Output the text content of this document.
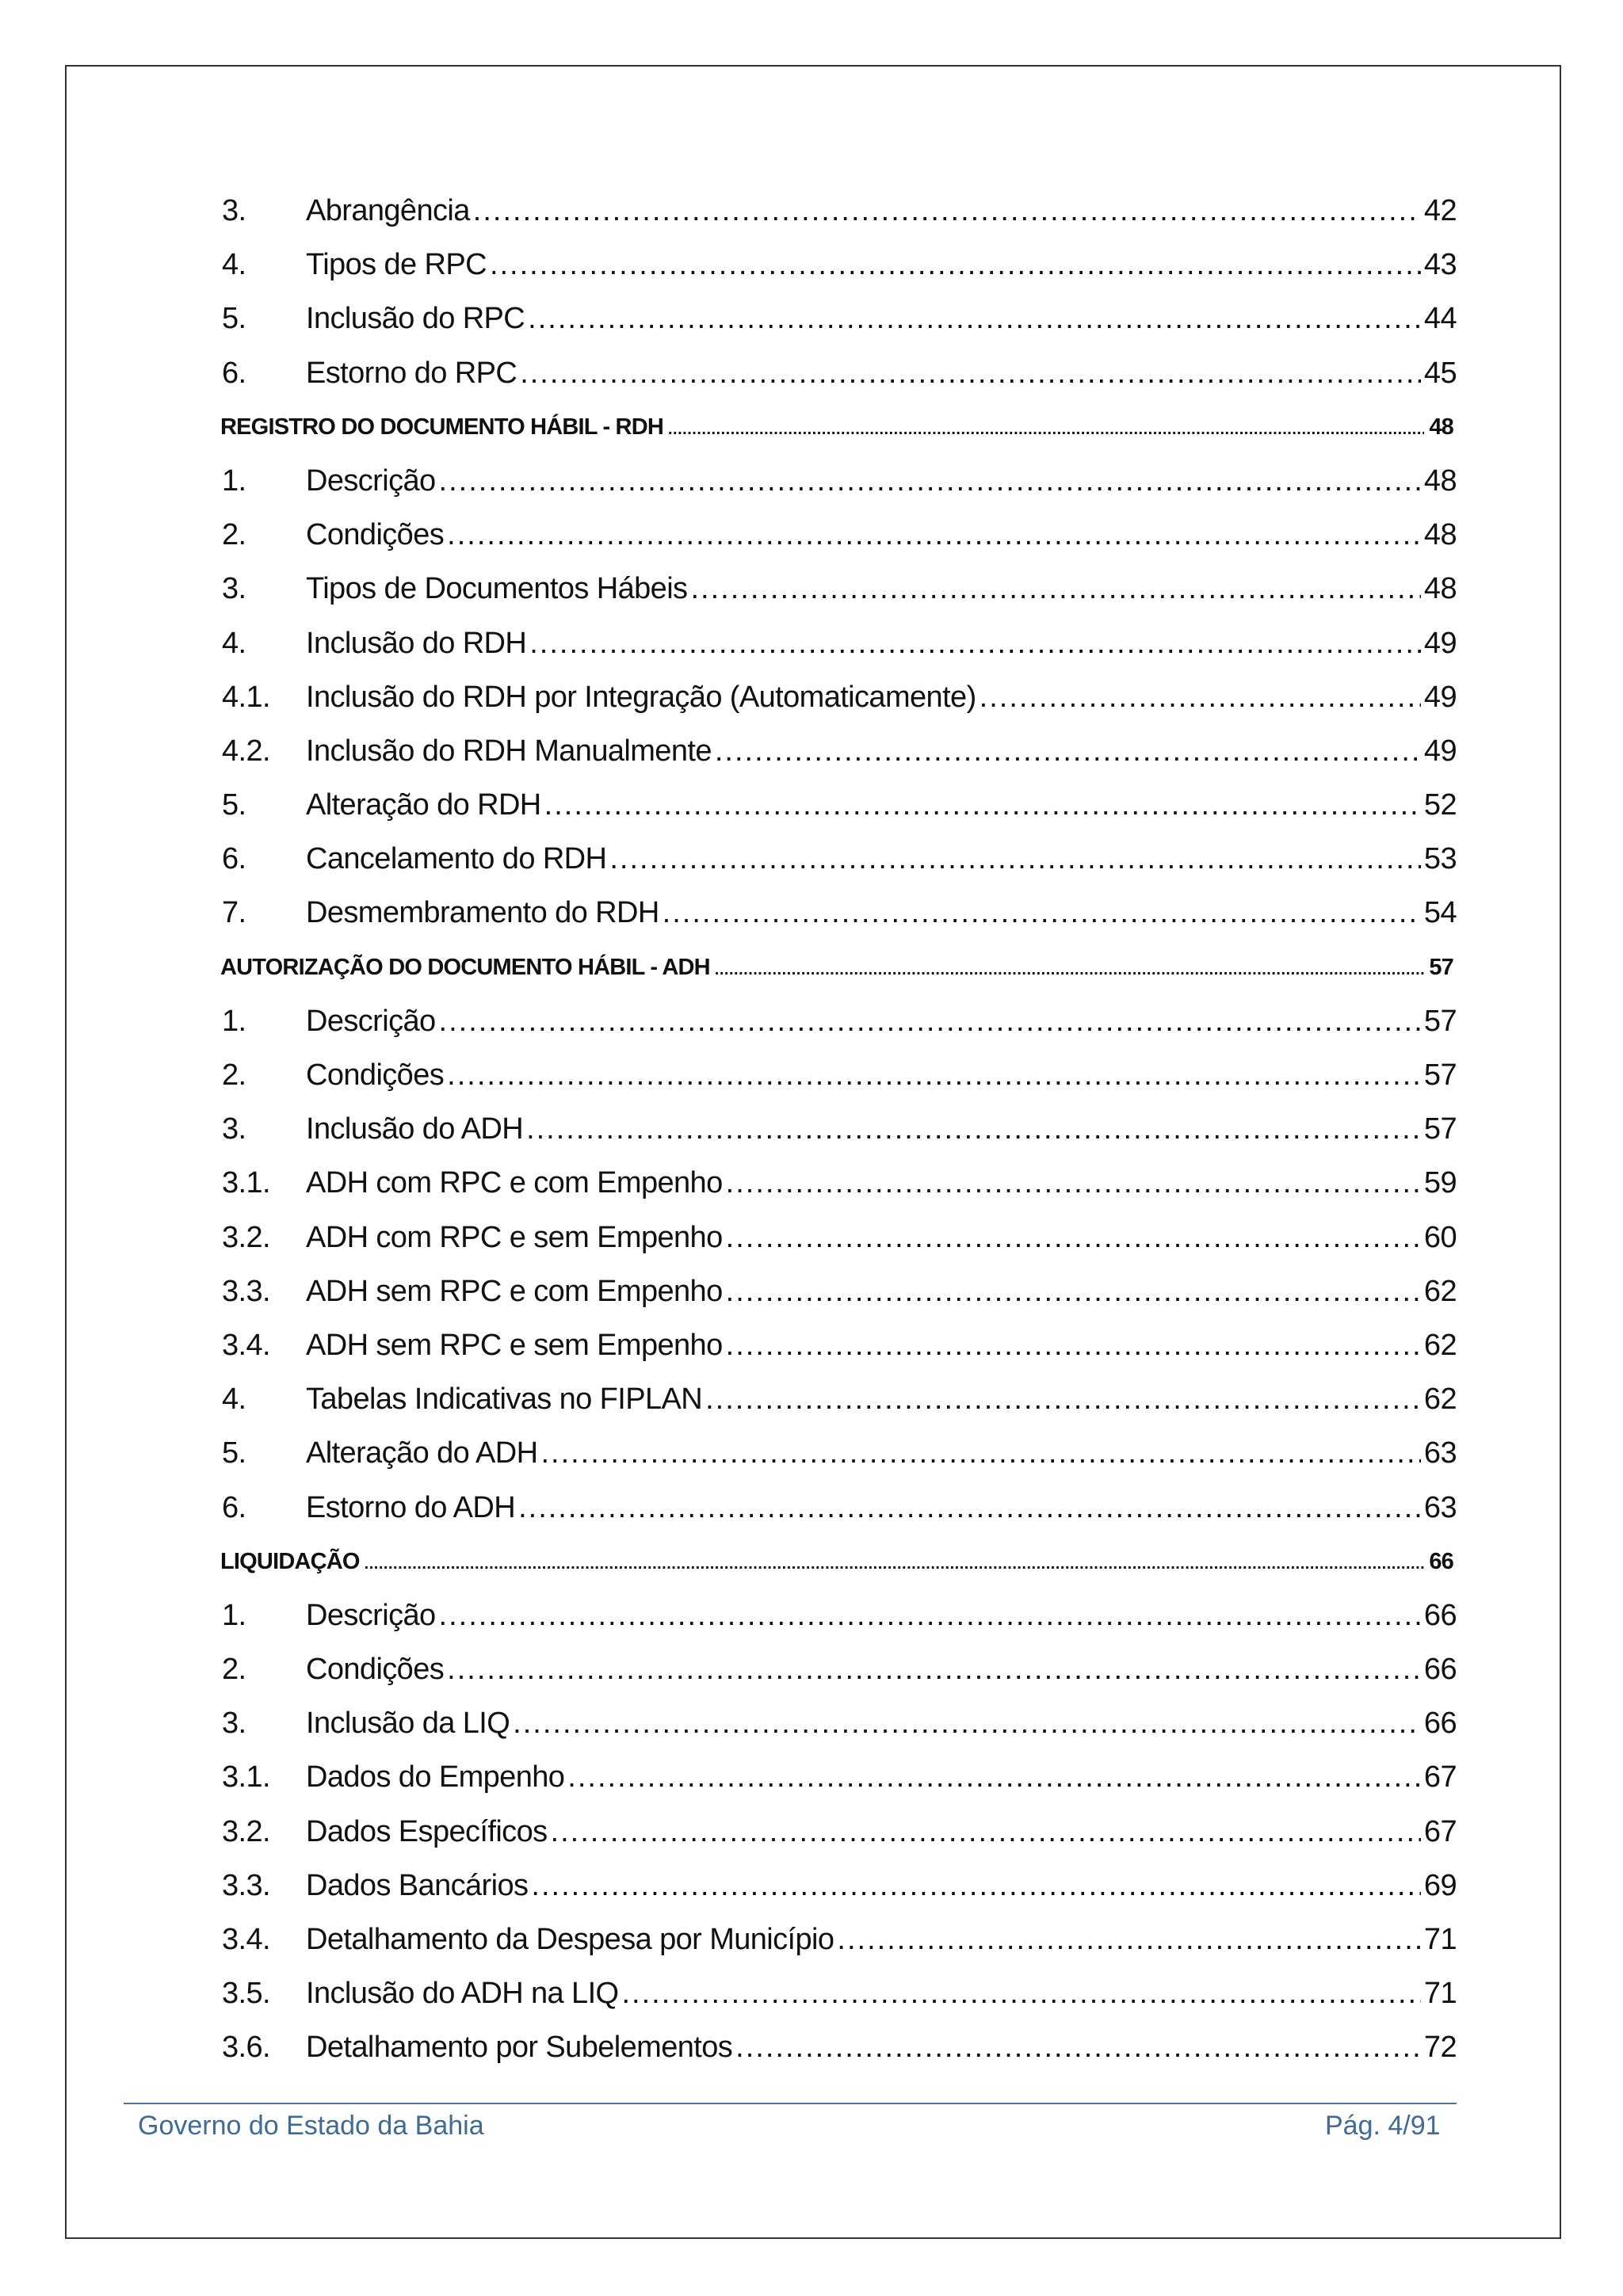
3.	Abrangência .....	42
4.	Tipos de RPC .....	43
5.	Inclusão do RPC .....	44
6.	Estorno do RPC .....	45
REGISTRO DO DOCUMENTO HÁBIL - RDH .....	48
1.	Descrição .....	48
2.	Condições .....	48
3.	Tipos de Documentos Hábeis .....	48
4.	Inclusão do RDH .....	49
4.1.	Inclusão do RDH por Integração (Automaticamente) .....	49
4.2.	Inclusão do RDH Manualmente .....	49
5.	Alteração do RDH .....	52
6.	Cancelamento do RDH .....	53
7.	Desmembramento do RDH .....	54
AUTORIZAÇÃO DO DOCUMENTO HÁBIL - ADH .....	57
1.	Descrição .....	57
2.	Condições .....	57
3.	Inclusão do ADH .....	57
3.1.	ADH com RPC e com Empenho .....	59
3.2.	ADH com RPC e sem Empenho .....	60
3.3.	ADH sem RPC e com Empenho .....	62
3.4.	ADH sem RPC e sem Empenho .....	62
4.	Tabelas Indicativas no FIPLAN .....	62
5.	Alteração do ADH .....	63
6.	Estorno do ADH .....	63
LIQUIDAÇÃO .....	66
1.	Descrição .....	66
2.	Condições .....	66
3.	Inclusão da LIQ .....	66
3.1.	Dados do Empenho .....	67
3.2.	Dados Específicos .....	67
3.3.	Dados Bancários .....	69
3.4.	Detalhamento da Despesa por Município .....	71
3.5.	Inclusão do ADH na LIQ .....	71
3.6.	Detalhamento por Subelementos .....	72
Governo do Estado da Bahia	Pág. 4/91
